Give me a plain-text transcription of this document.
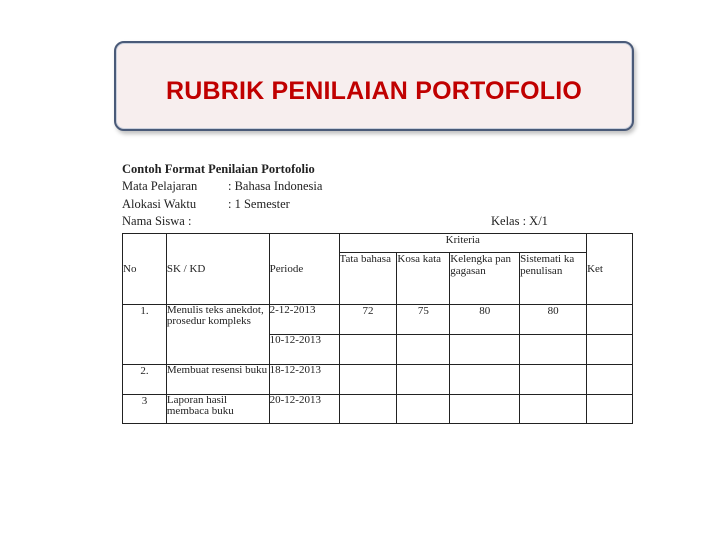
RUBRIK PENILAIAN PORTOFOLIO
Contoh Format Penilaian Portofolio
Mata Pelajaran : Bahasa Indonesia
Alokasi Waktu	: 1 Semester
Nama Siswa :	Kelas : X/1
No	SK / KD	Periode	Kriteria				Ket
			Tata bahasa	Kosa kata	Kelengka pan gagasan	Sistemati ka penulisan	
1.	Menulis teks anekdot, prosedur kompleks	2-12-2013	72	75	80	80	
		10-12-2013					
2.	Membuat resensi buku	18-12-2013					
3	Laporan hasil membaca buku	20-12-2013					
